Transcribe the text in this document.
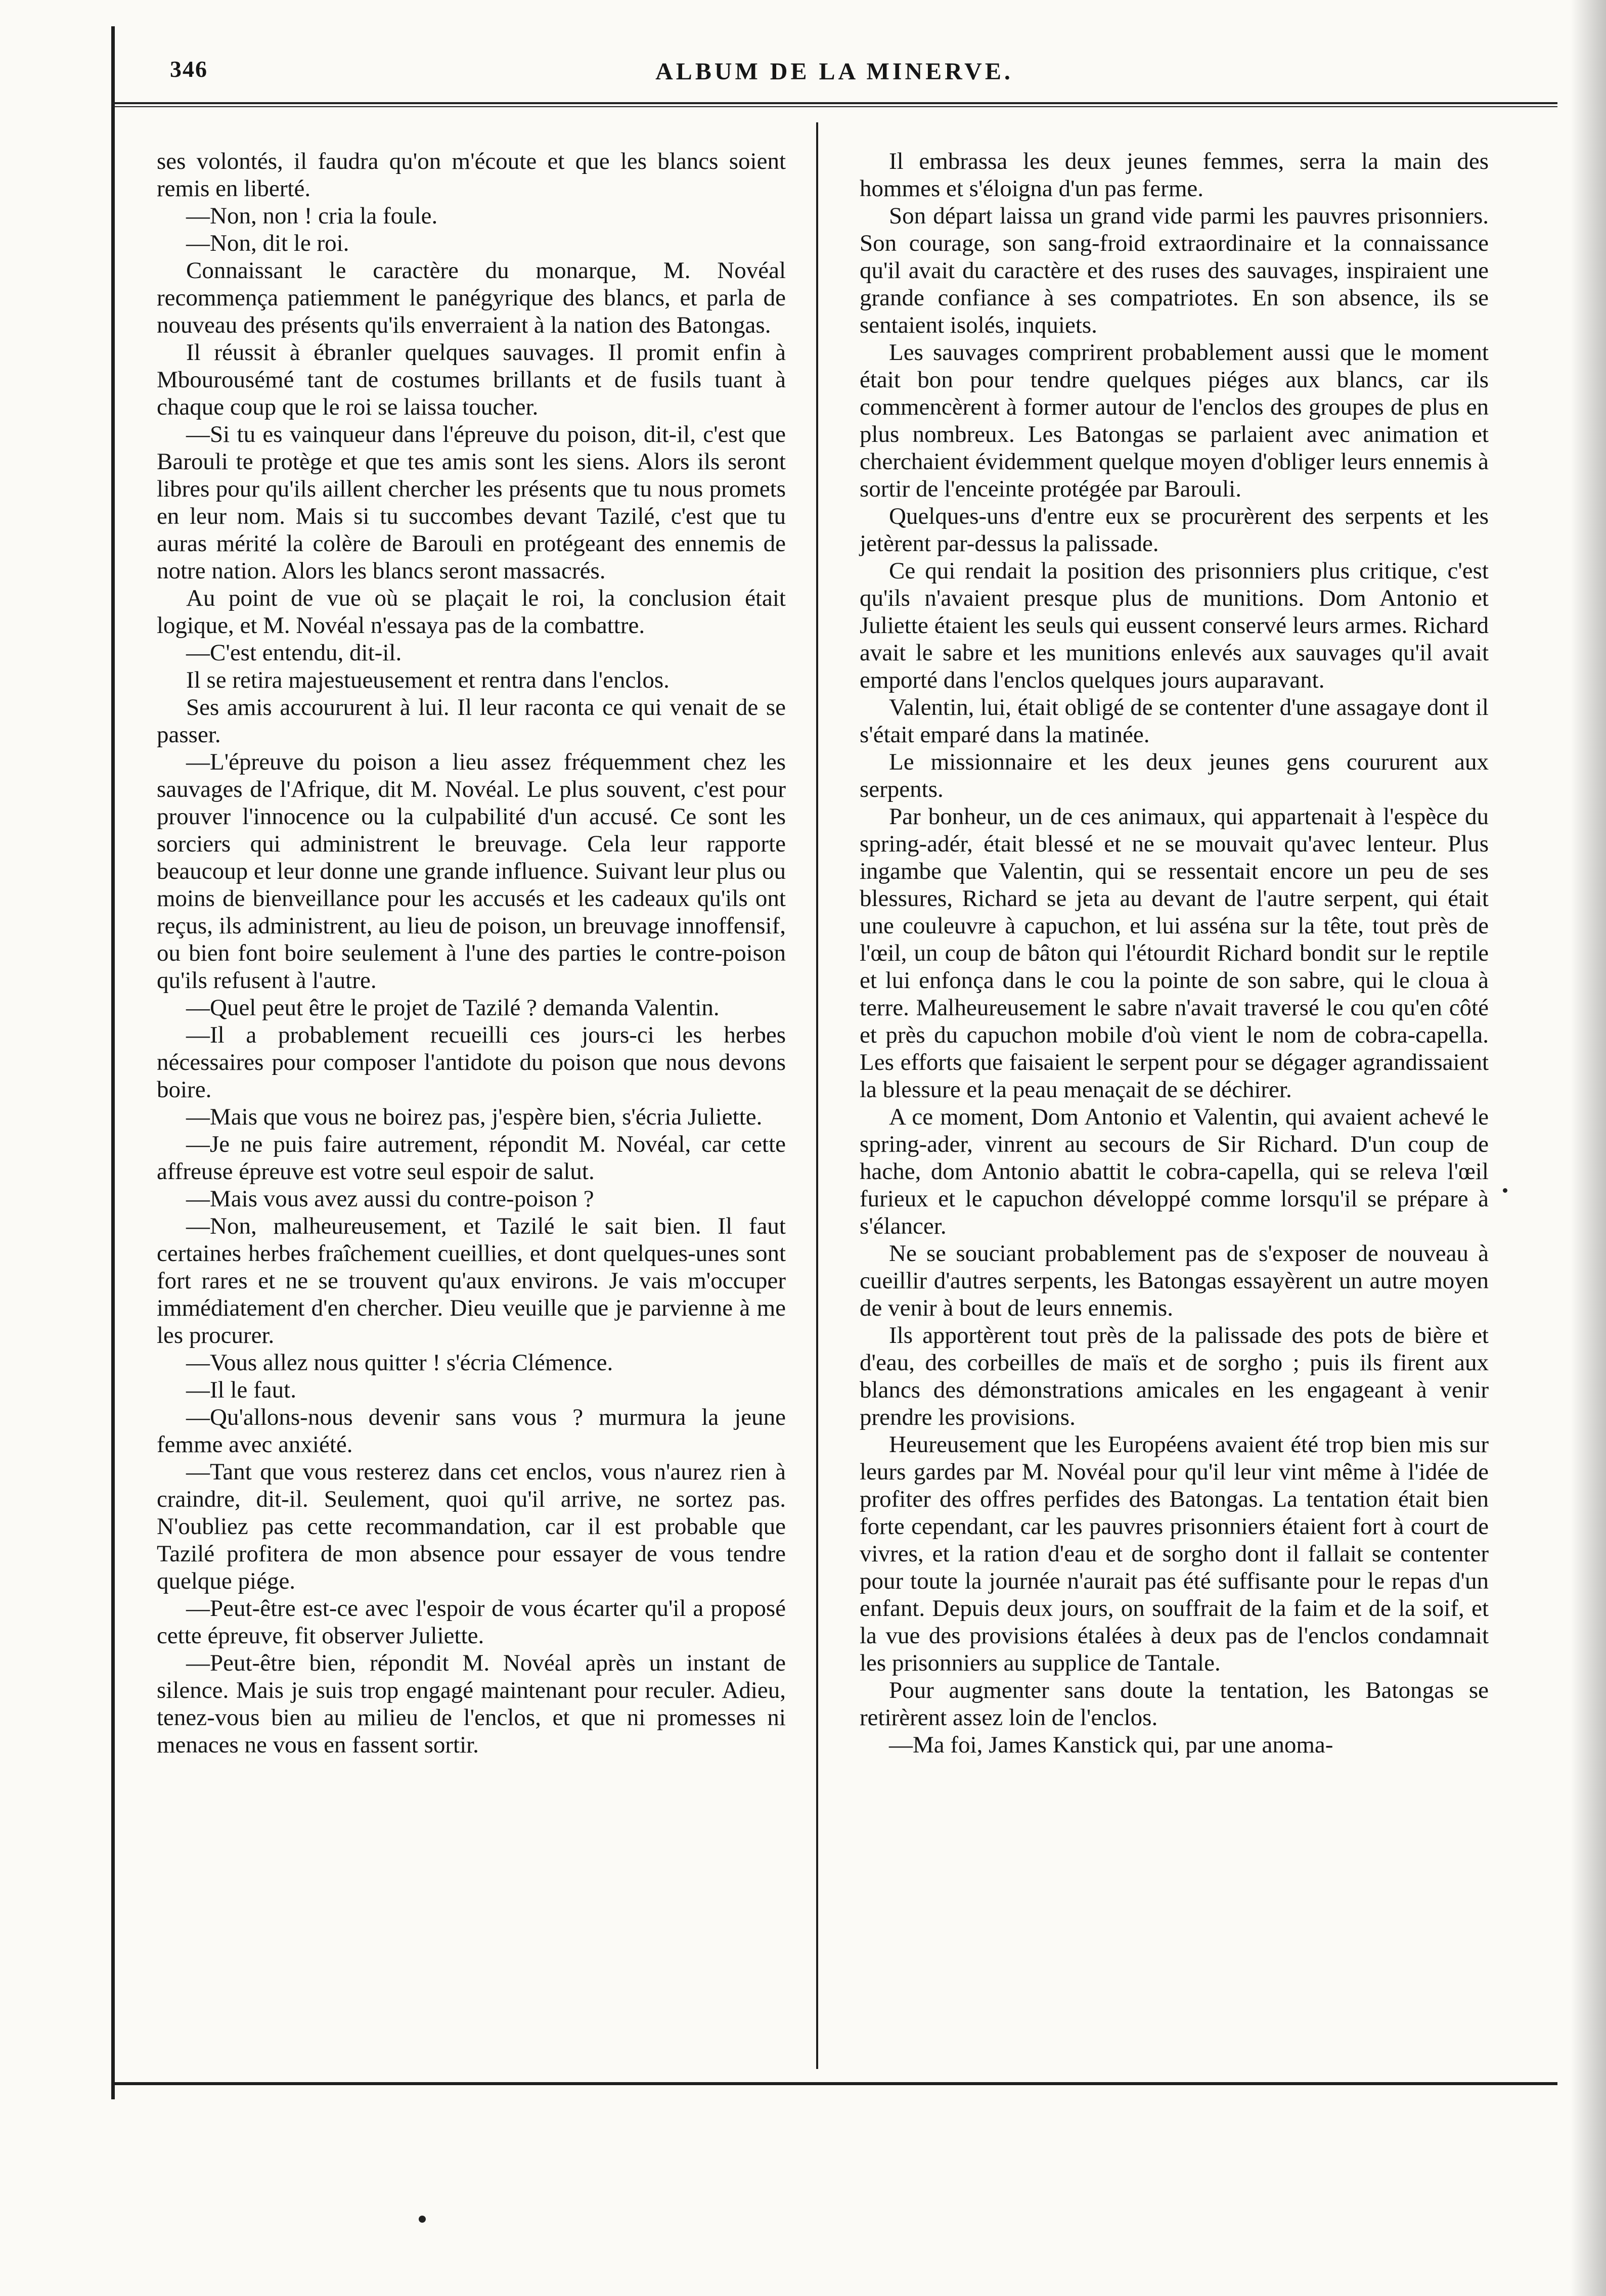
346	ALBUM DE LA MINERVE.

ses volontés, il faudra qu'on m'écoute et que les blancs soient remis en liberté.

—Non, non ! cria la foule.

—Non, dit le roi.

Connaissant le caractère du monarque, M. Novéal recommença patiemment le panégyrique des blancs, et parla de nouveau des présents qu'ils enverraient à la nation des Batongas.

Il réussit à ébranler quelques sauvages. Il promit enfin à Mbourousémé tant de costumes brillants et de fusils tuant à chaque coup que le roi se laissa toucher.

—Si tu es vainqueur dans l'épreuve du poison, dit-il, c'est que Barouli te protège et que tes amis sont les siens. Alors ils seront libres pour qu'ils aillent chercher les présents que tu nous promets en leur nom. Mais si tu succombes devant Tazilé, c'est que tu auras mérité la colère de Barouli en protégeant des ennemis de notre nation. Alors les blancs seront massacrés.

Au point de vue où se plaçait le roi, la conclusion était logique, et M. Novéal n'essaya pas de la combattre.

—C'est entendu, dit-il.

Il se retira majestueusement et rentra dans l'enclos.

Ses amis accoururent à lui. Il leur raconta ce qui venait de se passer.

—L'épreuve du poison a lieu assez fréquemment chez les sauvages de l'Afrique, dit M. Novéal. Le plus souvent, c'est pour prouver l'innocence ou la culpabilité d'un accusé. Ce sont les sorciers qui administrent le breuvage. Cela leur rapporte beaucoup et leur donne une grande influence. Suivant leur plus ou moins de bienveillance pour les accusés et les cadeaux qu'ils ont reçus, ils administrent, au lieu de poison, un breuvage innoffensif, ou bien font boire seulement à l'une des parties le contre-poison qu'ils refusent à l'autre.

—Quel peut être le projet de Tazilé ? demanda Valentin.

—Il a probablement recueilli ces jours-ci les herbes nécessaires pour composer l'antidote du poison que nous devons boire.

—Mais que vous ne boirez pas, j'espère bien, s'écria Juliette.

—Je ne puis faire autrement, répondit M. Novéal, car cette affreuse épreuve est votre seul espoir de salut.

—Mais vous avez aussi du contre-poison ?

—Non, malheureusement, et Tazilé le sait bien. Il faut certaines herbes fraîchement cueillies, et dont quelques-unes sont fort rares et ne se trouvent qu'aux environs. Je vais m'occuper immédiatement d'en chercher. Dieu veuille que je parvienne à me les procurer.

—Vous allez nous quitter ! s'écria Clémence.

—Il le faut.

—Qu'allons-nous devenir sans vous ? murmura la jeune femme avec anxiété.

—Tant que vous resterez dans cet enclos, vous n'aurez rien à craindre, dit-il. Seulement, quoi qu'il arrive, ne sortez pas. N'oubliez pas cette recommandation, car il est probable que Tazilé profitera de mon absence pour essayer de vous tendre quelque piége.

—Peut-être est-ce avec l'espoir de vous écarter qu'il a proposé cette épreuve, fit observer Juliette.

—Peut-être bien, répondit M. Novéal après un instant de silence. Mais je suis trop engagé maintenant pour reculer. Adieu, tenez-vous bien au milieu de l'enclos, et que ni promesses ni menaces ne vous en fassent sortir.

Il embrassa les deux jeunes femmes, serra la main des hommes et s'éloigna d'un pas ferme.

Son départ laissa un grand vide parmi les pauvres prisonniers. Son courage, son sang-froid extraordinaire et la connaissance qu'il avait du caractère et des ruses des sauvages, inspiraient une grande confiance à ses compatriotes. En son absence, ils se sentaient isolés, inquiets.

Les sauvages comprirent probablement aussi que le moment était bon pour tendre quelques piéges aux blancs, car ils commencèrent à former autour de l'enclos des groupes de plus en plus nombreux. Les Batongas se parlaient avec animation et cherchaient évidemment quelque moyen d'obliger leurs ennemis à sortir de l'enceinte protégée par Barouli.

Quelques-uns d'entre eux se procurèrent des serpents et les jetèrent par-dessus la palissade.

Ce qui rendait la position des prisonniers plus critique, c'est qu'ils n'avaient presque plus de munitions. Dom Antonio et Juliette étaient les seuls qui eussent conservé leurs armes. Richard avait le sabre et les munitions enlevés aux sauvages qu'il avait emporté dans l'enclos quelques jours auparavant.

Valentin, lui, était obligé de se contenter d'une assagaye dont il s'était emparé dans la matinée.

Le missionnaire et les deux jeunes gens coururent aux serpents.

Par bonheur, un de ces animaux, qui appartenait à l'espèce du spring-adér, était blessé et ne se mouvait qu'avec lenteur. Plus ingambe que Valentin, qui se ressentait encore un peu de ses blessures, Richard se jeta au devant de l'autre serpent, qui était une couleuvre à capuchon, et lui asséna sur la tête, tout près de l'œil, un coup de bâton qui l'étourdit Richard bondit sur le reptile et lui enfonça dans le cou la pointe de son sabre, qui le cloua à terre. Malheureusement le sabre n'avait traversé le cou qu'en côté et près du capuchon mobile d'où vient le nom de cobra-capella. Les efforts que faisaient le serpent pour se dégager agrandissaient la blessure et la peau menaçait de se déchirer.

A ce moment, Dom Antonio et Valentin, qui avaient achevé le spring-ader, vinrent au secours de Sir Richard. D'un coup de hache, dom Antonio abattit le cobra-capella, qui se releva l'œil furieux et le capuchon développé comme lorsqu'il se prépare à s'élancer.

Ne se souciant probablement pas de s'exposer de nouveau à cueillir d'autres serpents, les Batongas essayèrent un autre moyen de venir à bout de leurs ennemis.

Ils apportèrent tout près de la palissade des pots de bière et d'eau, des corbeilles de maïs et de sorgho ; puis ils firent aux blancs des démonstrations amicales en les engageant à venir prendre les provisions.

Heureusement que les Européens avaient été trop bien mis sur leurs gardes par M. Novéal pour qu'il leur vint même à l'idée de profiter des offres perfides des Batongas. La tentation était bien forte cependant, car les pauvres prisonniers étaient fort à court de vivres, et la ration d'eau et de sorgho dont il fallait se contenter pour toute la journée n'aurait pas été suffisante pour le repas d'un enfant. Depuis deux jours, on souffrait de la faim et de la soif, et la vue des provisions étalées à deux pas de l'enclos condamnait les prisonniers au supplice de Tantale.

Pour augmenter sans doute la tentation, les Batongas se retirèrent assez loin de l'enclos.

—Ma foi, James Kanstick qui, par une anoma-
